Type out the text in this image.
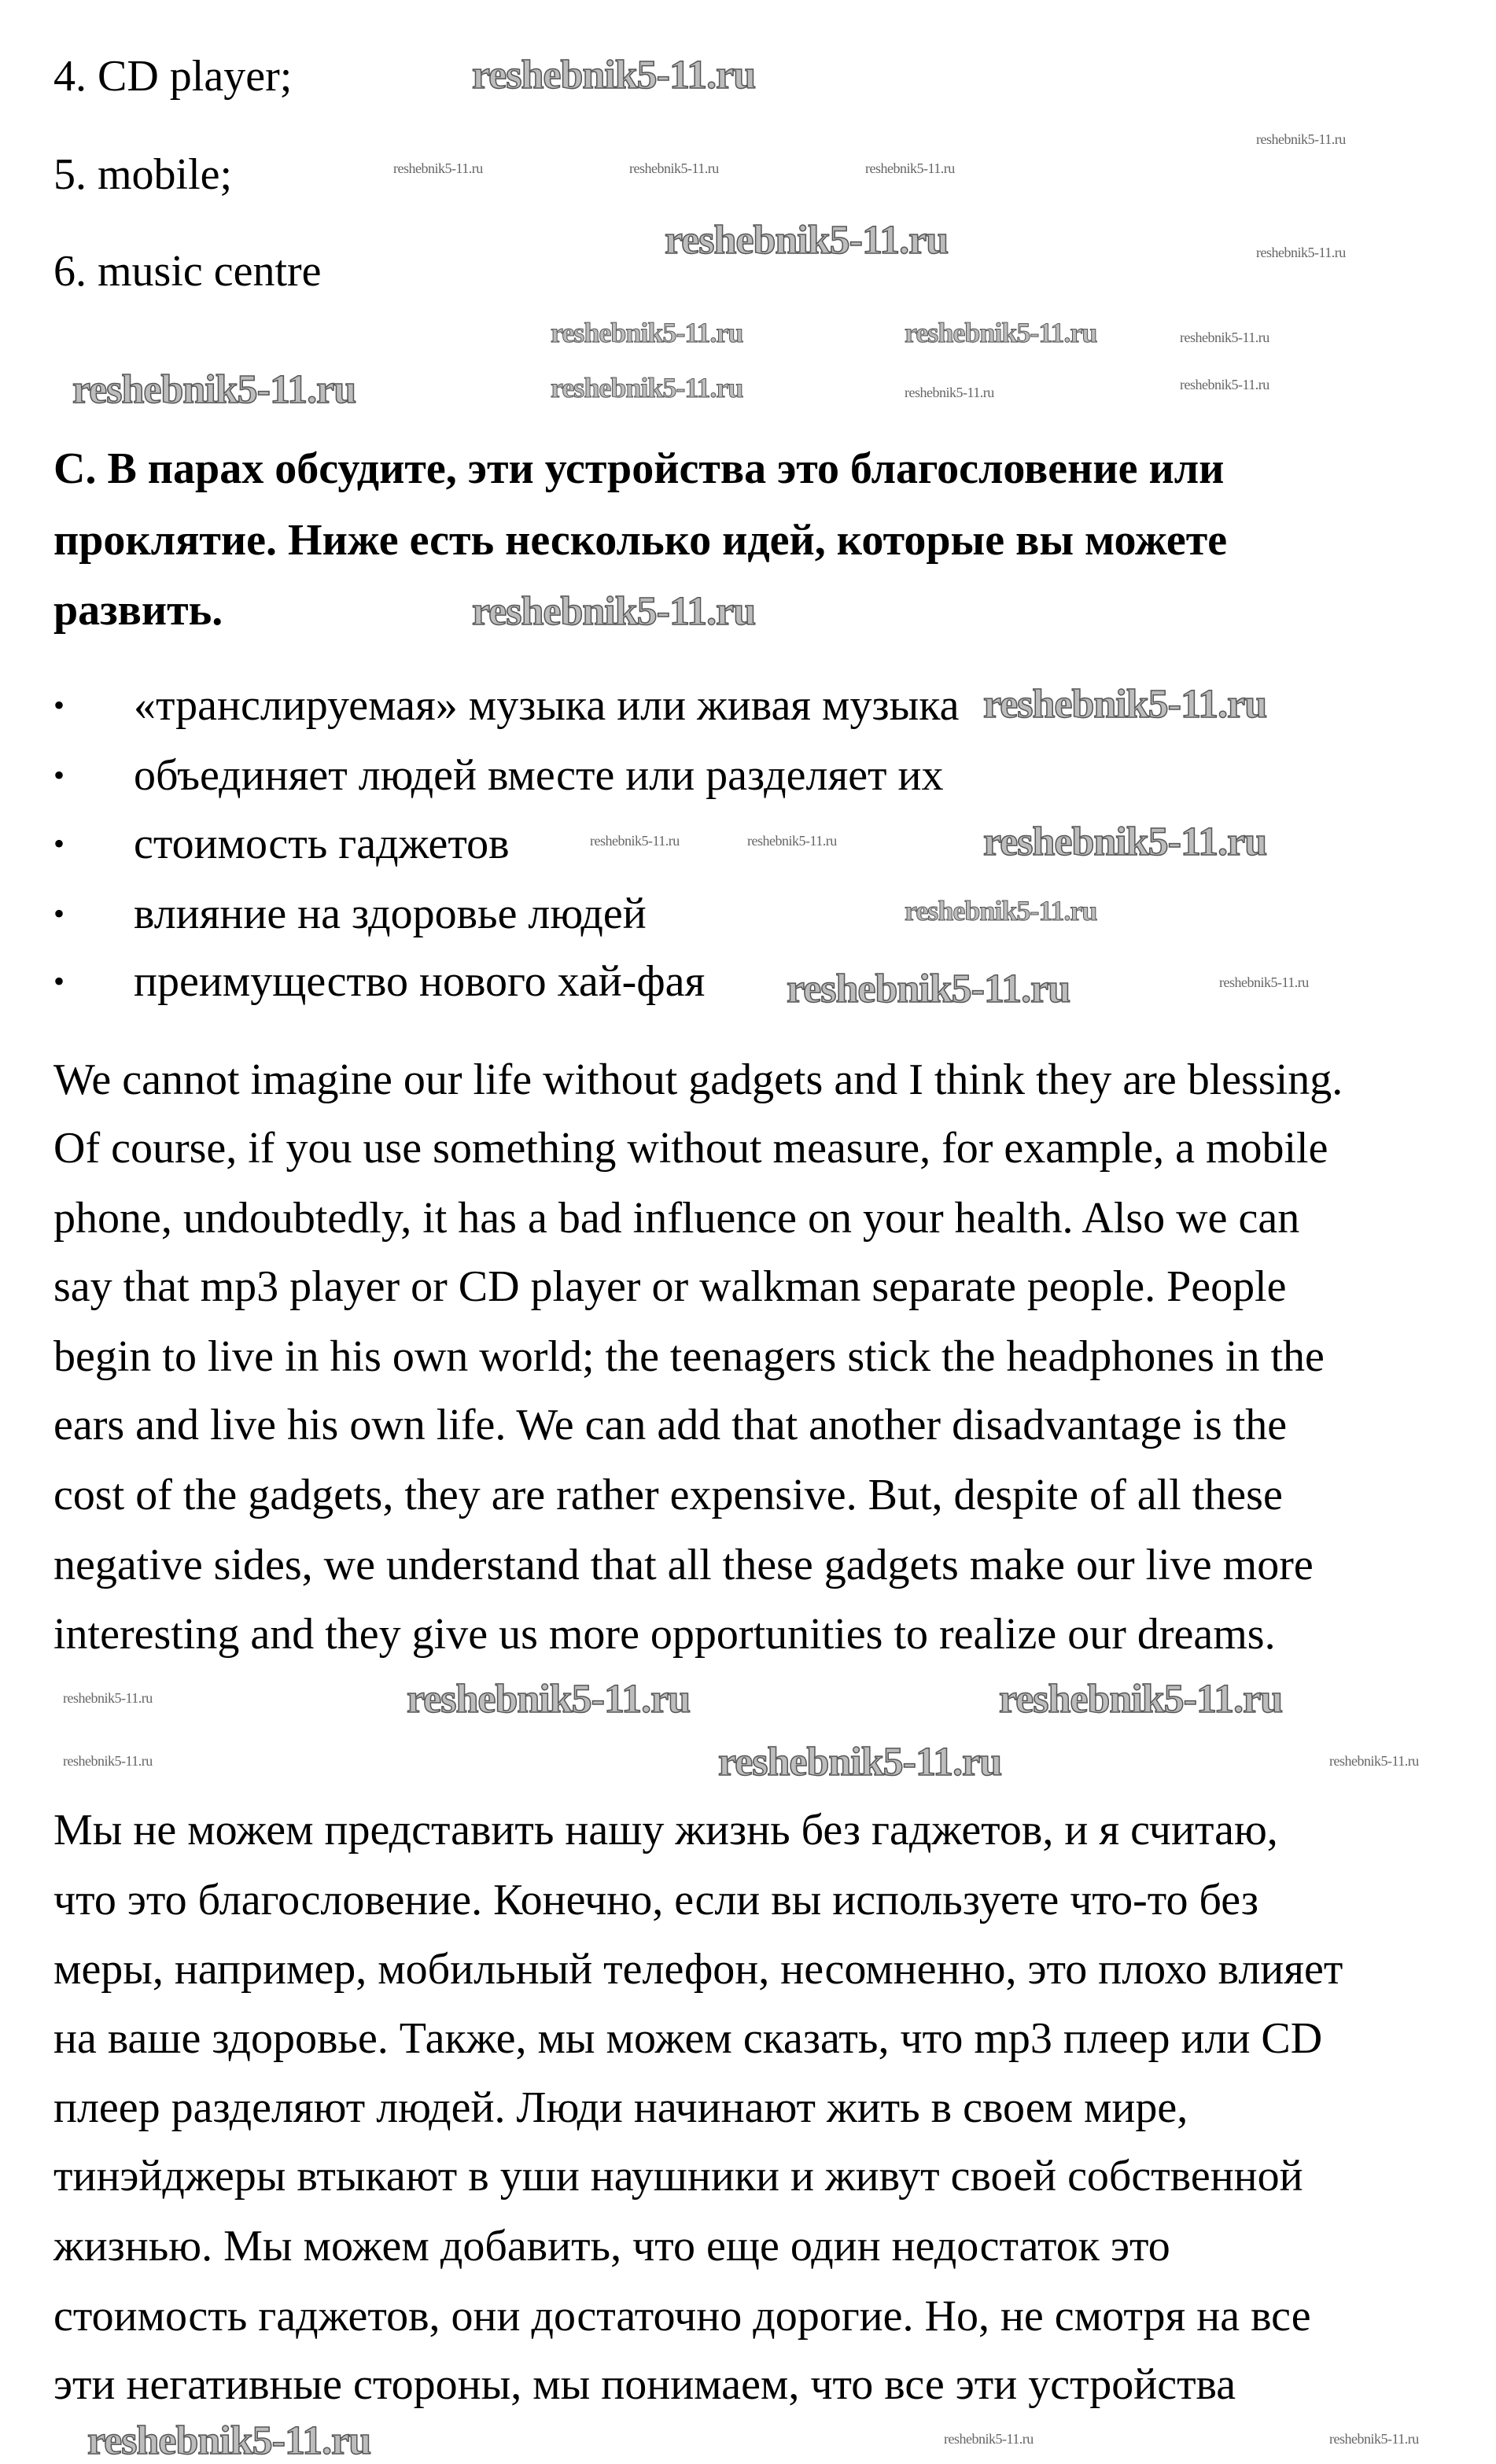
4. CD player;
5. mobile;
6. music centre
C. В парах обсудите, эти устройства это благословение или
проклятие. Ниже есть несколько идей, которые вы можете
развить.
• «транслируемая» музыка или живая музыка
• объединяет людей вместе или разделяет их
• стоимость гаджетов
• влияние на здоровье людей
• преимущество нового хай-фая
We cannot imagine our life without gadgets and I think they are blessing.
Of course, if you use something without measure, for example, a mobile
phone, undoubtedly, it has a bad influence on your health. Also we can
say that mp3 player or CD player or walkman separate people. People
begin to live in his own world; the teenagers stick the headphones in the
ears and live his own life. We can add that another disadvantage is the
cost of the gadgets, they are rather expensive. But, despite of all these
negative sides, we understand that all these gadgets make our live more
interesting and they give us more opportunities to realize our dreams.
Мы не можем представить нашу жизнь без гаджетов, и я считаю,
что это благословение. Конечно, если вы используете что-то без
меры, например, мобильный телефон, несомненно, это плохо влияет
на ваше здоровье. Также, мы можем сказать, что mp3 плеер или CD
плеер разделяют людей. Люди начинают жить в своем мире,
тинэйджеры втыкают в уши наушники и живут своей собственной
жизнью. Мы можем добавить, что еще один недостаток это
стоимость гаджетов, они достаточно дорогие. Но, не смотря на все
эти негативные стороны, мы понимаем, что все эти устройства
reshebnik5-11.ru
reshebnik5-11.ru
reshebnik5-11.ru	reshebnik5-11.ru
reshebnik5-11.ru
reshebnik5-11.ru
reshebnik5-11.ru
reshebnik5-11.ru
reshebnik5-11.ru
reshebnik5-11.ru	reshebnik5-11.ru
reshebnik5-11.ru
reshebnik5-11.ru
reshebnik5-11.ru	reshebnik5-11.ru
reshebnik5-11.ru
reshebnik5-11.ru
reshebnik5-11.ru
reshebnik5-11.ru
reshebnik5-11.ru
reshebnik5-11.ru
reshebnik5-11.ru	reshebnik5-11.ru
reshebnik5-11.ru
reshebnik5-11.ru
reshebnik5-11.ru
reshebnik5-11.ru	reshebnik5-11.ru
reshebnik5-11.ru
reshebnik5-11.ru	reshebnik5-11.ru
